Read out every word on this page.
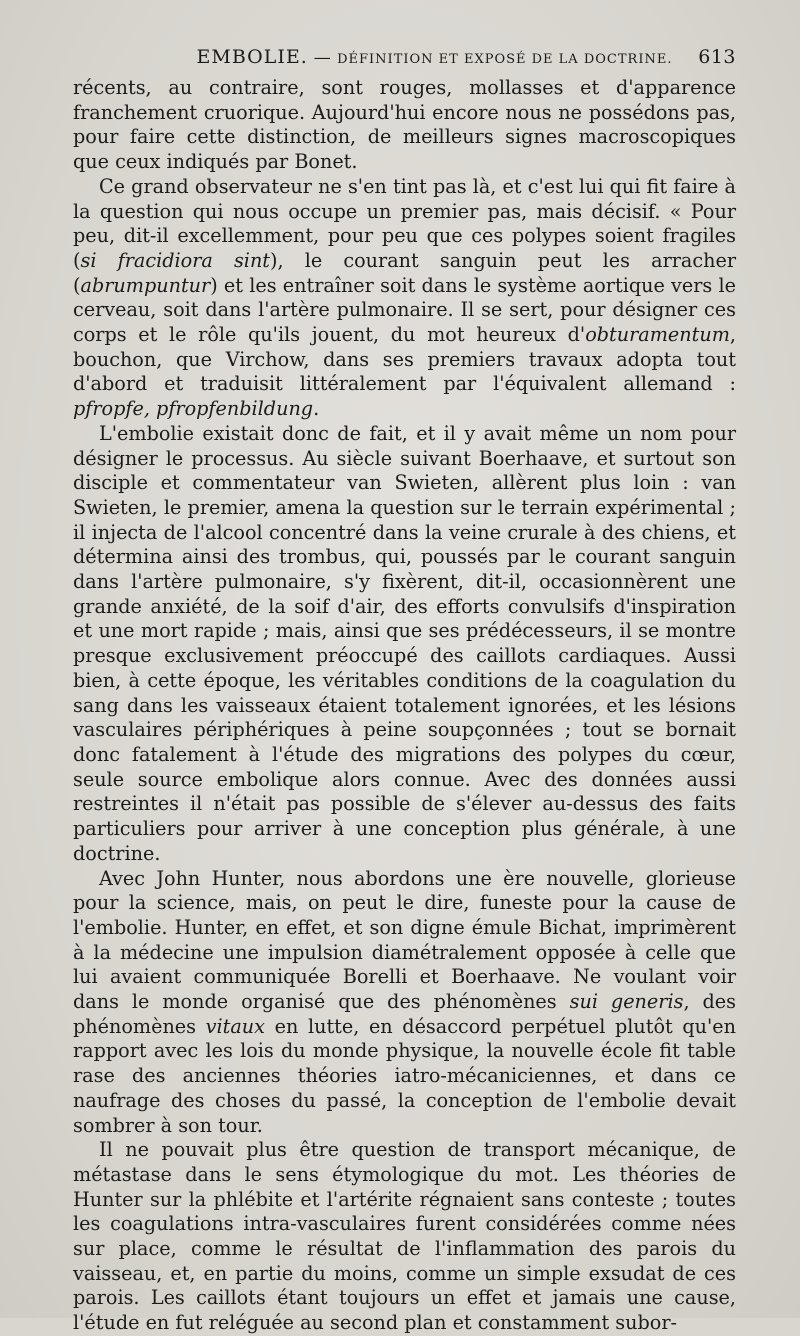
EMBOLIE. — DÉFINITION ET EXPOSÉ DE LA DOCTRINE. 613

récents, au contraire, sont rouges, mollasses et d'apparence franchement cruorique. Aujourd'hui encore nous ne possédons pas, pour faire cette distinction, de meilleurs signes macroscopiques que ceux indiqués par Bonet.

Ce grand observateur ne s'en tint pas là, et c'est lui qui fit faire à la question qui nous occupe un premier pas, mais décisif. « Pour peu, dit-il excellemment, pour peu que ces polypes soient fragiles (si fracidiora sint), le courant sanguin peut les arracher (abrumpuntur) et les entraîner soit dans le système aortique vers le cerveau, soit dans l'artère pulmonaire. Il se sert, pour désigner ces corps et le rôle qu'ils jouent, du mot heureux d'obturamentum, bouchon, que Virchow, dans ses premiers travaux adopta tout d'abord et traduisit littéralement par l'équivalent allemand : pfropfe, pfropfenbildung.

L'embolie existait donc de fait, et il y avait même un nom pour désigner le processus. Au siècle suivant Boerhaave, et surtout son disciple et commentateur van Swieten, allèrent plus loin : van Swieten, le premier, amena la question sur le terrain expérimental ; il injecta de l'alcool concentré dans la veine crurale à des chiens, et détermina ainsi des trombus, qui, poussés par le courant sanguin dans l'artère pulmonaire, s'y fixèrent, dit-il, occasionnèrent une grande anxiété, de la soif d'air, des efforts convulsifs d'inspiration et une mort rapide ; mais, ainsi que ses prédécesseurs, il se montre presque exclusivement préoccupé des caillots cardiaques. Aussi bien, à cette époque, les véritables conditions de la coagulation du sang dans les vaisseaux étaient totalement ignorées, et les lésions vasculaires périphériques à peine soupçonnées ; tout se bornait donc fatalement à l'étude des migrations des polypes du cœur, seule source embolique alors connue. Avec des données aussi restreintes il n'était pas possible de s'élever au-dessus des faits particuliers pour arriver à une conception plus générale, à une doctrine.

Avec John Hunter, nous abordons une ère nouvelle, glorieuse pour la science, mais, on peut le dire, funeste pour la cause de l'embolie. Hunter, en effet, et son digne émule Bichat, imprimèrent à la médecine une impulsion diamétralement opposée à celle que lui avaient communiquée Borelli et Boerhaave. Ne voulant voir dans le monde organisé que des phénomènes sui generis, des phénomènes vitaux en lutte, en désaccord perpétuel plutôt qu'en rapport avec les lois du monde physique, la nouvelle école fit table rase des anciennes théories iatro-mécaniciennes, et dans ce naufrage des choses du passé, la conception de l'embolie devait sombrer à son tour.

Il ne pouvait plus être question de transport mécanique, de métastase dans le sens étymologique du mot. Les théories de Hunter sur la phlébite et l'artérite régnaient sans conteste ; toutes les coagulations intra-vasculaires furent considérées comme nées sur place, comme le résultat de l'inflammation des parois du vaisseau, et, en partie du moins, comme un simple exsudat de ces parois. Les caillots étant toujours un effet et jamais une cause, l'étude en fut reléguée au second plan et constamment subor-
